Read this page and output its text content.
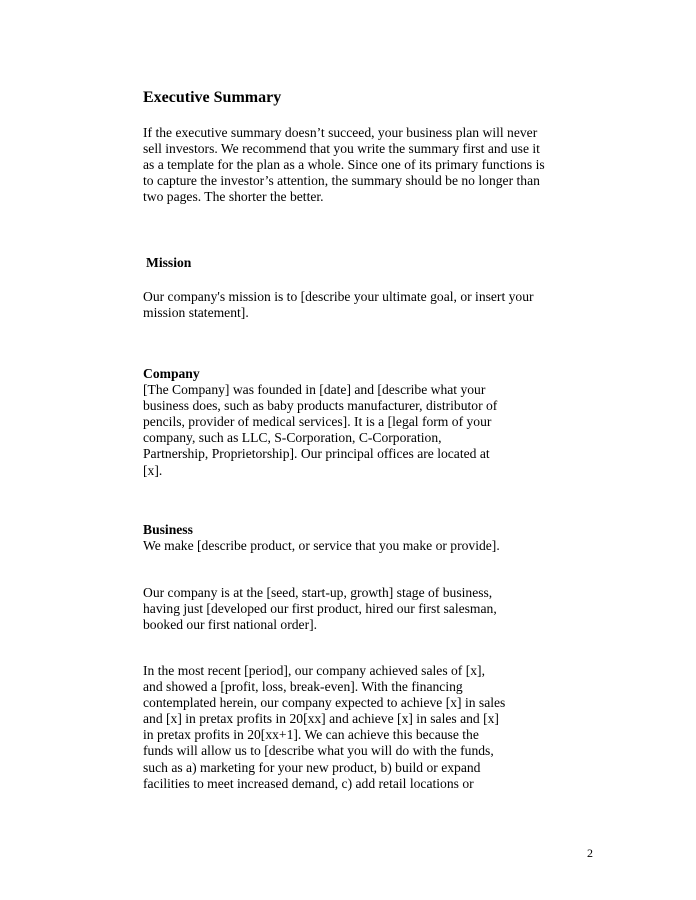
Executive Summary
If the executive summary doesn’t succeed, your business plan will never
sell investors. We recommend that you write the summary first and use it
as a template for the plan as a whole. Since one of its primary functions is
to capture the investor’s attention, the summary should be no longer than
two pages. The shorter the better.
Mission
Our company's mission is to [describe your ultimate goal, or insert your
mission statement].
Company
[The Company] was founded in [date] and [describe what your
business does, such as baby products manufacturer, distributor of
pencils, provider of medical services]. It is a [legal form of your
company, such as LLC, S-Corporation, C-Corporation,
Partnership, Proprietorship]. Our principal offices are located at
[x].
Business
We make [describe product, or service that you make or provide].
Our company is at the [seed, start-up, growth] stage of business,
having just [developed our first product, hired our first salesman,
booked our first national order].
In the most recent [period], our company achieved sales of [x],
and showed a [profit, loss, break-even]. With the financing
contemplated herein, our company expected to achieve [x] in sales
and [x] in pretax profits in 20[xx] and achieve [x] in sales and [x]
in pretax profits in 20[xx+1]. We can achieve this because the
funds will allow us to [describe what you will do with the funds,
such as a) marketing for your new product, b) build or expand
facilities to meet increased demand, c) add retail locations or
2
